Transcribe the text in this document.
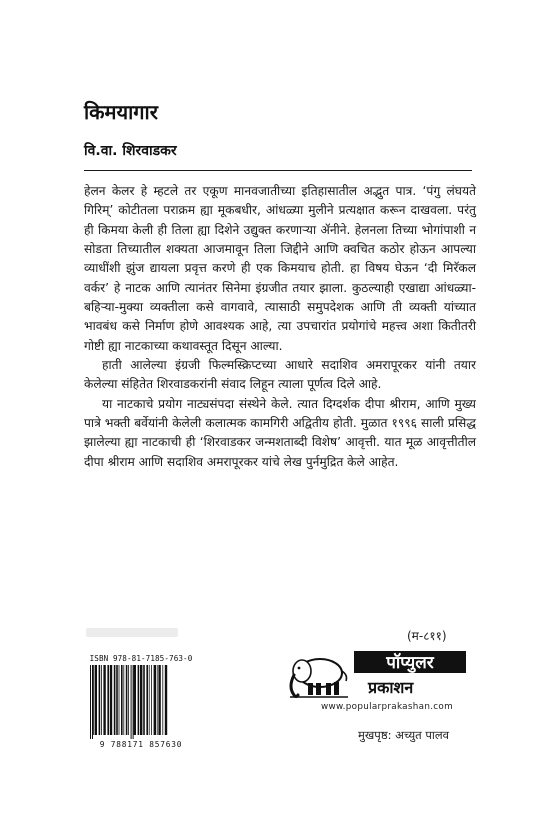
किमयागार
वि.वा. शिरवाडकर

हेलन केलर हे म्हटले तर एकूण मानवजातीच्या इतिहासातील अद्भुत पात्र. ‘पंगु लंघयते गिरिम्’ कोटीतला पराक्रम ह्या मूकबधीर, आंधळ्या मुलीने प्रत्यक्षात करून दाखवला. परंतु ही किमया केली ही तिला ह्या दिशेने उद्युक्त करणाऱ्या ॲनीने. हेलनला तिच्या भोगांपाशी न सोडता तिच्यातील शक्यता आजमावून तिला जिद्दीने आणि क्वचित कठोर होऊन आपल्या व्याधींशी झुंज द्यायला प्रवृत्त करणे ही एक किमयाच होती. हा विषय घेऊन ‘दी मिरॅकल वर्कर’ हे नाटक आणि त्यानंतर सिनेमा इंग्रजीत तयार झाला. कुठल्याही एखाद्या आंधळ्या-बहिऱ्या-मुक्या व्यक्तीला कसे वागवावे, त्यासाठी समुपदेशक आणि ती व्यक्ती यांच्यात भावबंध कसे निर्माण होणे आवश्यक आहे, त्या उपचारांत प्रयोगांचे महत्त्व अशा कितीतरी गोष्टी ह्या नाटकाच्या कथावस्तूत दिसून आल्या.

हाती आलेल्या इंग्रजी फिल्मस्क्रिप्टच्या आधारे सदाशिव अमरापूरकर यांनी तयार केलेल्या संहितेत शिरवाडकरांनी संवाद लिहून त्याला पूर्णत्व दिले आहे.

या नाटकाचे प्रयोग नाट्यसंपदा संस्थेने केले. त्यात दिग्दर्शक दीपा श्रीराम, आणि मुख्य पात्रे भक्ती बर्वेयांनी केलेली कलात्मक कामगिरी अद्वितीय होती. मुळात १९९६ साली प्रसिद्ध झालेल्या ह्या नाटकाची ही ‘शिरवाडकर जन्मशताब्दी विशेष’ आवृत्ती. यात मूळ आवृत्तीतील दीपा श्रीराम आणि सदाशिव अमरापूरकर यांचे लेख पुर्नमुद्रित केले आहेत.

(म-८११)
ISBN 978-81-7185-763-0
9 788171 857630
पॉप्युलर
प्रकाशन
www.popularprakashan.com
मुखपृष्ठ: अच्युत पालव
